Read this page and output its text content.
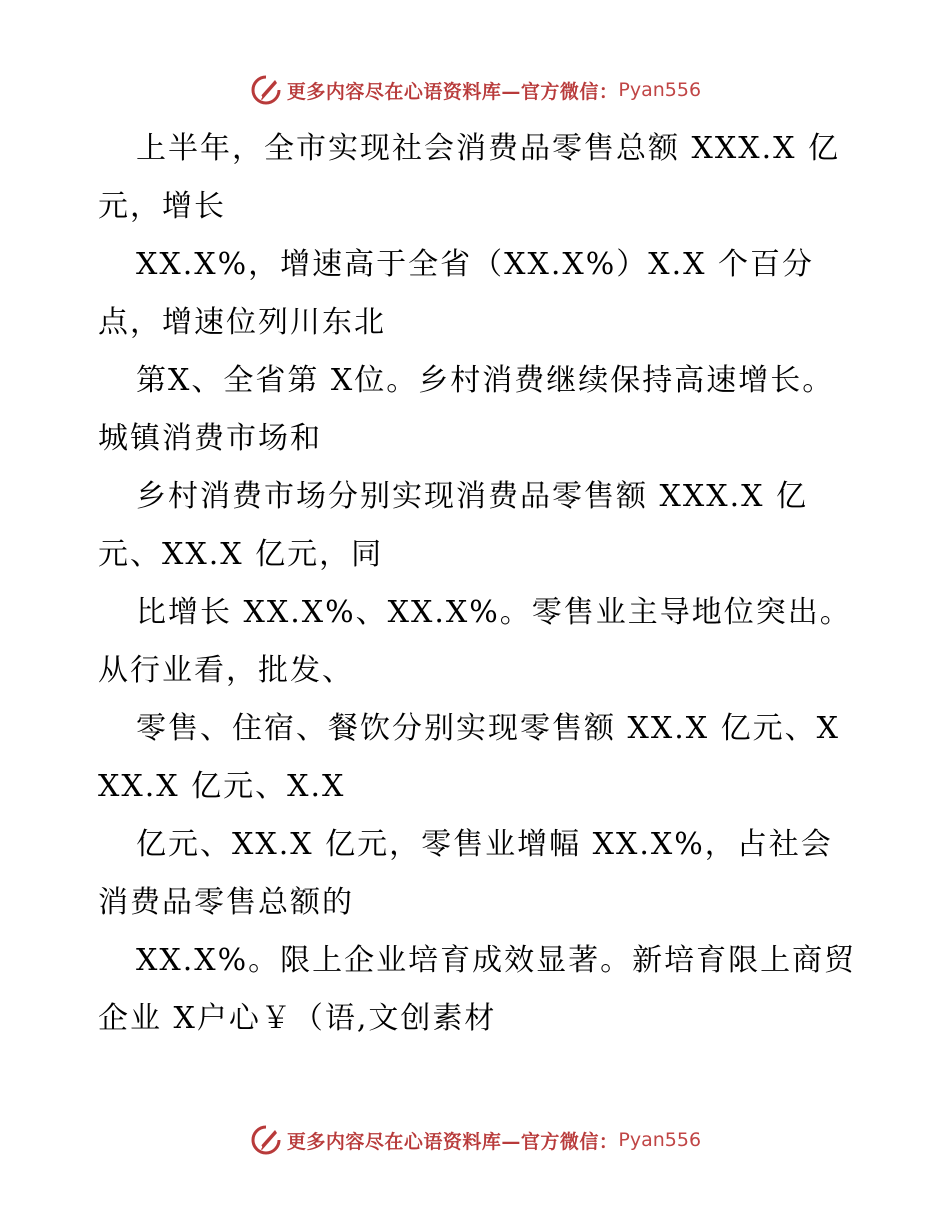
更多内容尽在心语资料库—官方微信： Pyan556

上半年，全市实现社会消费品零售总额 XXX.X 亿元，增长

XX.X%，增速高于全省（XX.X%）X.X 个百分点，增速位列川东北

第X、全省第 X位。乡村消费继续保持高速增长。城镇消费市场和

乡村消费市场分别实现消费品零售额 XXX.X 亿元、XX.X 亿元，同

比增长 XX.X%、XX.X%。零售业主导地位突出。从行业看，批发、

零售、住宿、餐饮分别实现零售额 XX.X 亿元、XXX.X 亿元、X.X

亿元、XX.X 亿元，零售业增幅 XX.X%，占社会消费品零售总额的

XX.X%。限上企业培育成效显著。新培育限上商贸企业 X户心￥（语,文创素材

更多内容尽在心语资料库—官方微信： Pyan556
